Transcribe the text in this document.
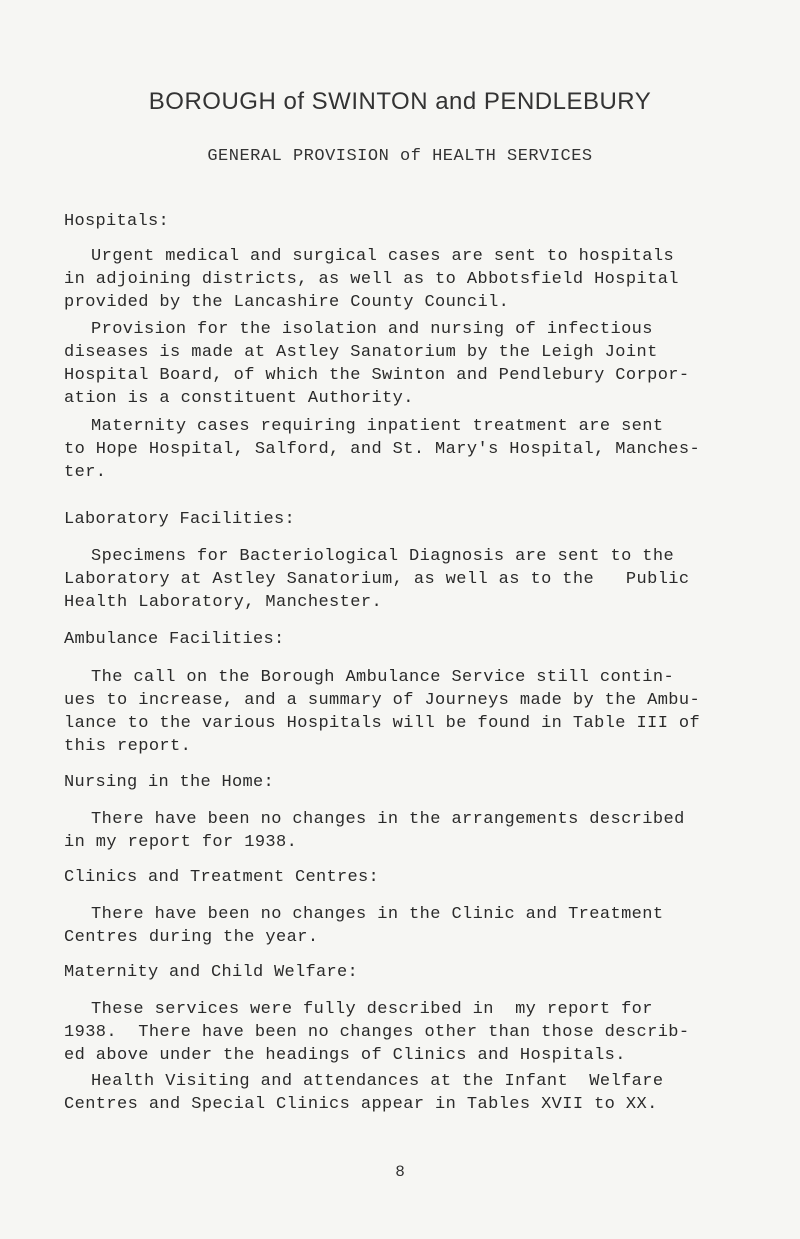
BOROUGH of SWINTON and PENDLEBURY
GENERAL PROVISION of HEALTH SERVICES
Hospitals:
Urgent medical and surgical cases are sent to hospitals
in adjoining districts, as well as to Abbotsfield Hospital
provided by the Lancashire County Council.
Provision for the isolation and nursing of infectious
diseases is made at Astley Sanatorium by the Leigh Joint
Hospital Board, of which the Swinton and Pendlebury Corpor-
ation is a constituent Authority.
Maternity cases requiring inpatient treatment are sent
to Hope Hospital, Salford, and St. Mary's Hospital, Manches-
ter.
Laboratory Facilities:
Specimens for Bacteriological Diagnosis are sent to the
Laboratory at Astley Sanatorium, as well as to the   Public
Health Laboratory, Manchester.
Ambulance Facilities:
The call on the Borough Ambulance Service still contin-
ues to increase, and a summary of Journeys made by the Ambu-
lance to the various Hospitals will be found in Table III of
this report.
Nursing in the Home:
There have been no changes in the arrangements described
in my report for 1938.
Clinics and Treatment Centres:
There have been no changes in the Clinic and Treatment
Centres during the year.
Maternity and Child Welfare:
These services were fully described in  my report for
1938.  There have been no changes other than those describ-
ed above under the headings of Clinics and Hospitals.
Health Visiting and attendances at the Infant  Welfare
Centres and Special Clinics appear in Tables XVII to XX.
8
